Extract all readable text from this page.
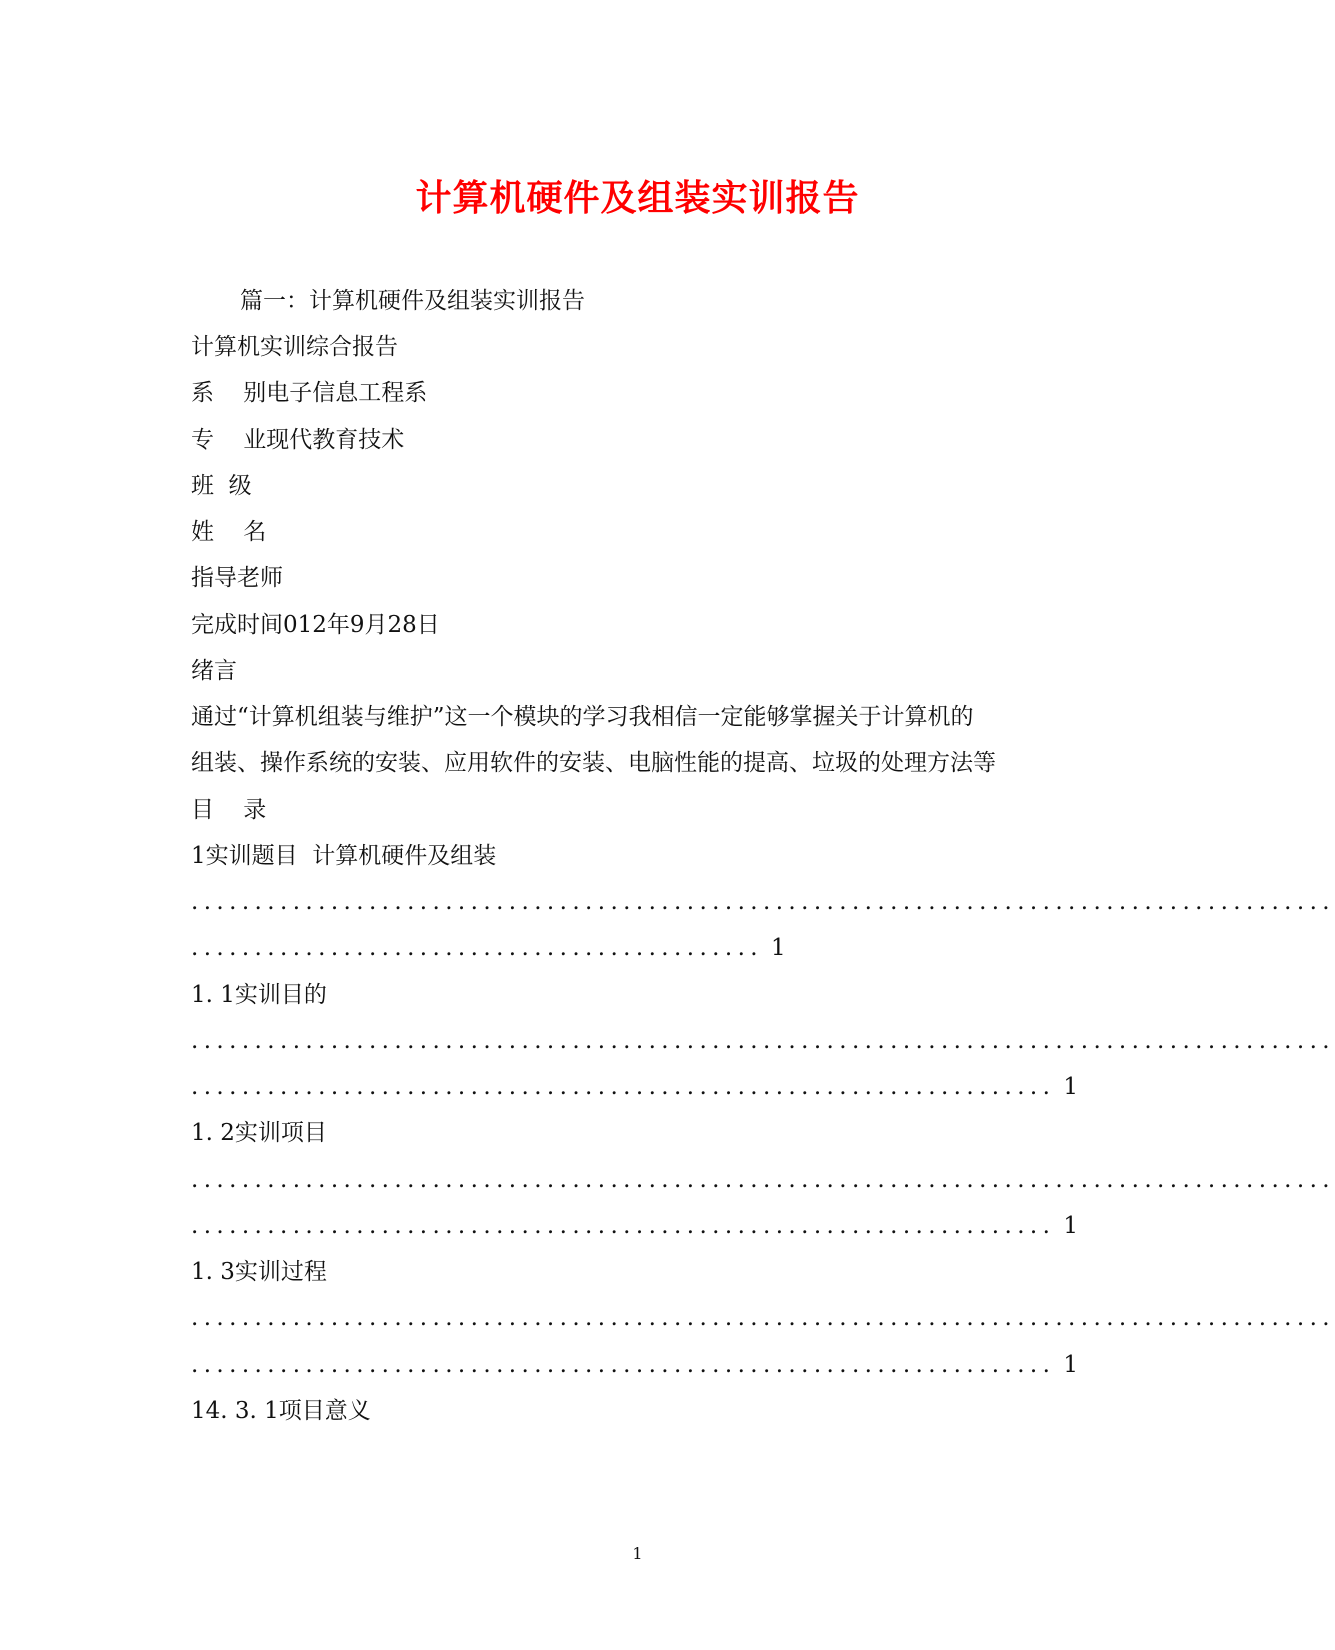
计算机硬件及组装实训报告
篇一：计算机硬件及组装实训报告
计算机实训综合报告
系    别电子信息工程系
专    业现代教育技术
班  级
姓    名
指导老师
完成时间012年9月28日
绪言
通过“计算机组装与维护”这一个模块的学习我相信一定能够掌握关于计算机的
组装、操作系统的安装、应用软件的安装、电脑性能的提高、垃圾的处理方法等
目    录
1实训题目  计算机硬件及组装
..........................................................................................
............................................. 1
1. 1实训目的
..........................................................................................
.................................................................... 1
1. 2实训项目
..........................................................................................
.................................................................... 1
1. 3实训过程
..........................................................................................
.................................................................... 1
14. 3. 1项目意义
1
